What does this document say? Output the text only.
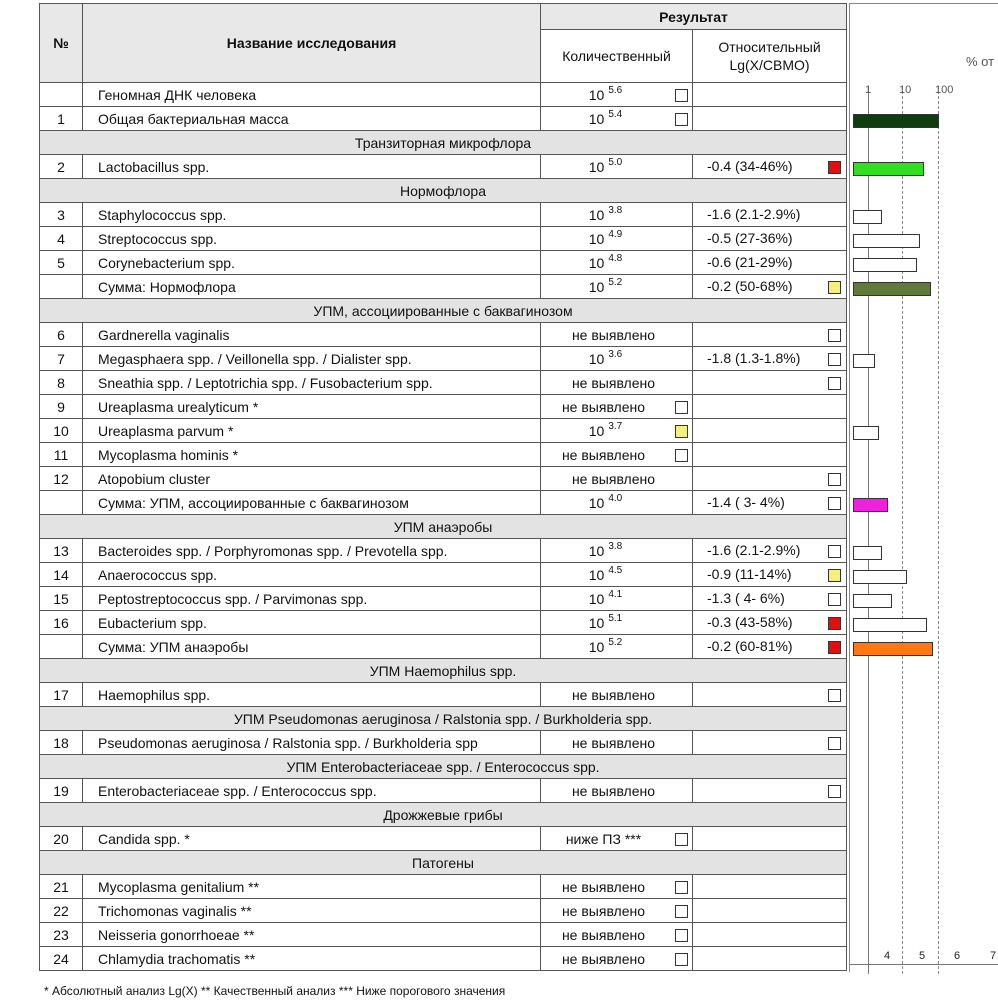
№	Название исследования	Результат	
		Количественный	Относительный Lg(X/CBMO)
	Геномная ДНК человека	10 $^{5.6}$

1	Общая бактериальная масса	10 $^{5.4}$

Транзиторная микрофлора			
2	Lactobacillus spp.	10 $^{5.0}$	-0.4 (34-46%)

Нормофлора			
3	Staphylococcus spp.	10 $^{3.8}$	-1.6 (2.1-2.9%)

4	Streptococcus spp.	10 $^{4.9}$	-0.5 (27-36%)

5	Corynebacterium spp.	10 $^{4.8}$	-0.6 (21-29%)

	Сумма: Нормофлора	10 $^{5.2}$	-0.2 (50-68%)

УПМ, ассоциированные с баквагинозом			
6	Gardnerella vaginalis	не выявлено	

7	Megasphaera spp. / Veillonella spp. / Dialister spp.	10 $^{3.6}$	-1.8 (1.3-1.8%)

8	Sneathia spp. / Leptotrichia spp. / Fusobacterium spp.	не выявлено	

9	Ureaplasma urealyticum *	не выявлено

10	Ureaplasma parvum *	10 $^{3.7}$

11	Mycoplasma hominis *	не выявлено

12	Atopobium cluster	не выявлено	

	Сумма: УПМ, ассоциированные с баквагинозом	10 $^{4.0}$	-1.4 ( 3- 4%)

УПМ анаэробы			
13	Bacteroides spp. / Porphyromonas spp. / Prevotella spp.	10 $^{3.8}$	-1.6 (2.1-2.9%)

14	Anaerococcus spp.	10 $^{4.5}$	-0.9 (11-14%)

15	Peptostreptococcus spp. / Parvimonas spp.	10 $^{4.1}$	-1.3 ( 4- 6%)

16	Eubacterium spp.	10 $^{5.1}$	-0.3 (43-58%)

	Сумма: УПМ анаэробы	10 $^{5.2}$	-0.2 (60-81%)

УПМ Haemophilus spp.			
17	Haemophilus spp.	не выявлено	

УПМ Pseudomonas aeruginosa / Ralstonia spp. / Burkholderia spp.			
18	Pseudomonas aeruginosa / Ralstonia spp. / Burkholderia spp	не выявлено	

УПМ Enterobacteriaceae spp. / Enterococcus spp.			
19	Enterobacteriaceae spp. / Enterococcus spp.	не выявлено	

Дрожжевые грибы			
20	Candida spp. *	ниже ПЗ ***

Патогены			
21	Mycoplasma genitalium **	не выявлено

22	Trichomonas vaginalis **	не выявлено

23	Neisseria gonorrhoeae **	не выявлено

24	Chlamydia trachomatis **	не выявлено

% от
1	10 100
4	5	6	7
* Абсолютный анализ Lg(X) ** Качественный анализ *** Ниже порогового значения
